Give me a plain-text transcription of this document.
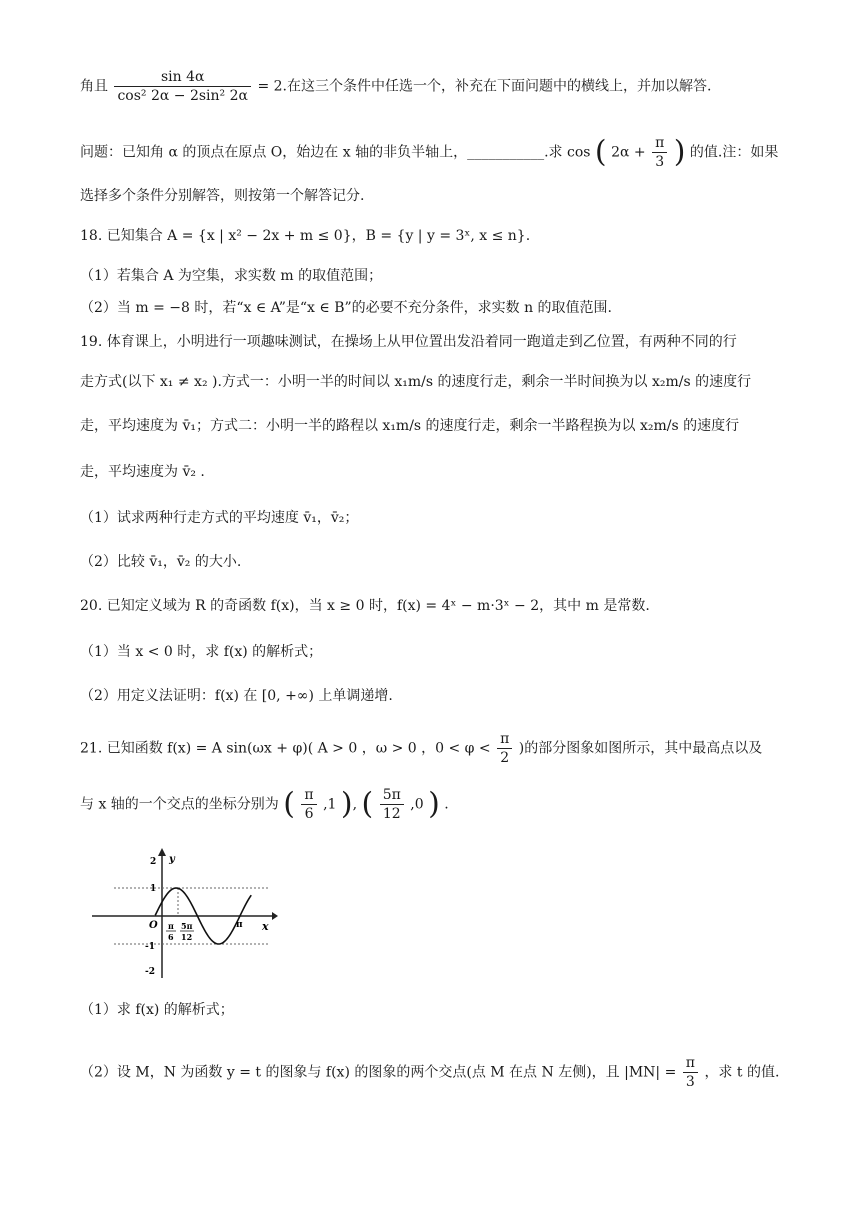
角且 $\frac{\sin 4\alpha}{\text{cos² 2α − 2sin² 2α}} = 2$.在这三个条件中任选一个，补充在下面问题中的横线上，并加以解答.
问题：已知角 α 的顶点在原点 O，始边在 x 轴的非负半轴上，___________.求 cos ( $2\alpha + \frac{\pi}{3}$ ) 的值.注：如果
选择多个条件分别解答，则按第一个解答记分.
18. 已知集合 A = {x | x² − 2x + m ≤ 0}，B = {y | y = 3ˣ, x ≤ n}.
（1）若集合 A 为空集，求实数 m 的取值范围；
（2）当 m = −8 时，若“x ∈ A”是“x ∈ B”的必要不充分条件，求实数 n 的取值范围.
19. 体育课上，小明进行一项趣味测试，在操场上从甲位置出发沿着同一跑道走到乙位置，有两种不同的行
走方式(以下 x₁ ≠ x₂ ).方式一：小明一半的时间以 x₁m/s 的速度行走，剩余一半时间换为以 x₂m/s 的速度行
走，平均速度为 v̄₁；方式二：小明一半的路程以 x₁m/s 的速度行走，剩余一半路程换为以 x₂m/s 的速度行
走，平均速度为 v̄₂ .
（1）试求两种行走方式的平均速度 v̄₁，v̄₂；
（2）比较 v̄₁，v̄₂ 的大小.
20. 已知定义域为 R 的奇函数 f(x)，当 x ≥ 0 时，f(x) = 4ˣ − m·3ˣ − 2，其中 m 是常数.
（1）当 x < 0 时，求 f(x) 的解析式；
（2）用定义法证明：f(x) 在 [0, +∞) 上单调递增.
21. 已知函数 f(x) = A sin(ωx + φ)( A > 0 ，ω > 0 ，$0 < \varphi < \frac{\pi}{2}$ )的部分图象如图所示，其中最高点以及
与 x 轴的一个交点的坐标分别为 ( $\frac{\pi}{6} ,1$ ), ( $\frac{5\pi}{12} ,0$ ) .
y
x
O
2
1
-1
-2
π
6
5π
12
π
（1）求 f(x) 的解析式；
（2）设 M，N 为函数 y = t 的图象与 f(x) 的图象的两个交点(点 M 在点 N 左侧)，且 $|MN| = \frac{\pi}{3}$ ，求 t 的值.
